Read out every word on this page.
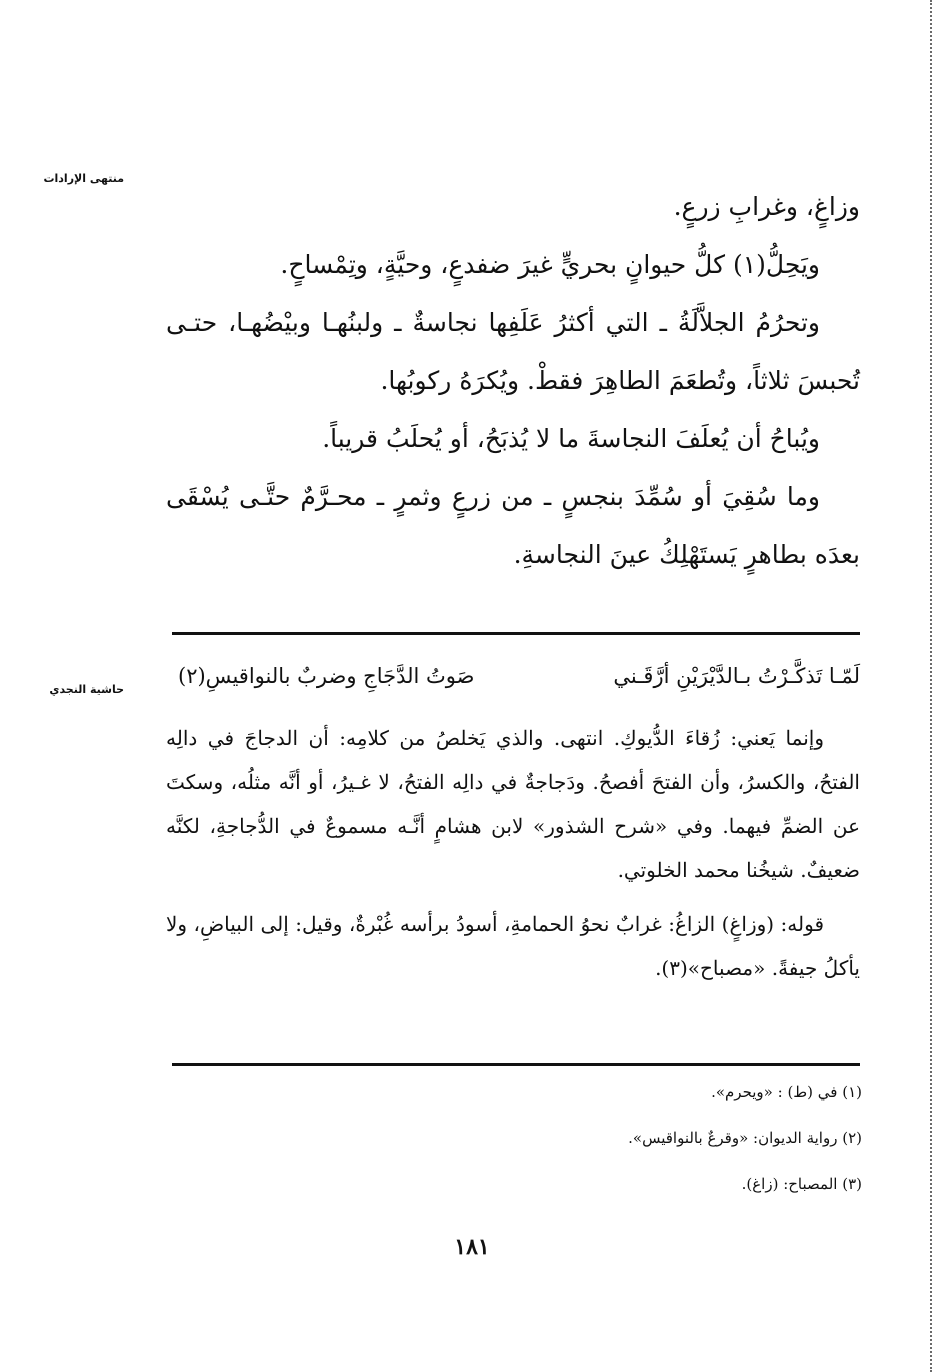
منتهى الإرادات
حاشية النجدي

وزاغٍ، وغرابِ زرعٍ.

ويَحِلُّ(١) كلُّ حيوانٍ بحريٍّ غيرَ ضفدعٍ، وحيَّةٍ، وتِمْساحٍ.

وتحرُمُ الجلاَّلَةُ ـ التي أكثرُ عَلَفِها نجاسةٌ ـ ولبنُهـا وبيْضُهـا، حتـى تُحبسَ ثلاثاً، وتُطعَمَ الطاهِرَ فقطْ. ويُكرَهُ ركوبُها.

ويُباحُ أن يُعلَفَ النجاسةَ ما لا يُذبَحُ، أو يُحلَبُ قريباً.

وما سُقِيَ أو سُمِّدَ بنجسٍ ـ من زرعٍ وثمرٍ ـ محـرَّمٌ حتَّـى يُسْقَى بعدَه بطاهرٍ يَستَهْلِكُ عينَ النجاسةِ.

لَمّـا تَذكَّـرْتُ بـالدَّيْرَيْنِ أرَّقَـني
صَوتُ الدَّجَاجِ وضربٌ بالنواقيسِ(٢)

وإنما يَعني: زُقاءَ الدُّيوكِ. انتهى. والذي يَخلصُ من كلامِه: أن الدجاجَ في دالِه الفتحُ، والكسرُ، وأن الفتحَ أفصحُ. ودَجاجةٌ في دالِه الفتحُ، لا غـيرُ، أو أنَّه مثلُه، وسكتَ عن الضمِّ فيهما. وفي «شرح الشذور» لابن هشامٍ أنَّـه مسموعٌ في الدُّجاجةِ، لكنَّه ضعيفٌ. شيخُنا محمد الخلوتي.

قوله: (وزاغٍ) الزاغُ: غرابٌ نحوُ الحمامةِ، أسودُ برأسه غُبْرةٌ، وقيل: إلى البياضِ، ولا يأكلُ جيفةً. «مصباح»(٣).

(١) في (ط) : «ويحرم».
(٢) رواية الديوان: «وقرعٌ بالنواقيس».
(٣) المصباح: (زاغ).
١٨١
